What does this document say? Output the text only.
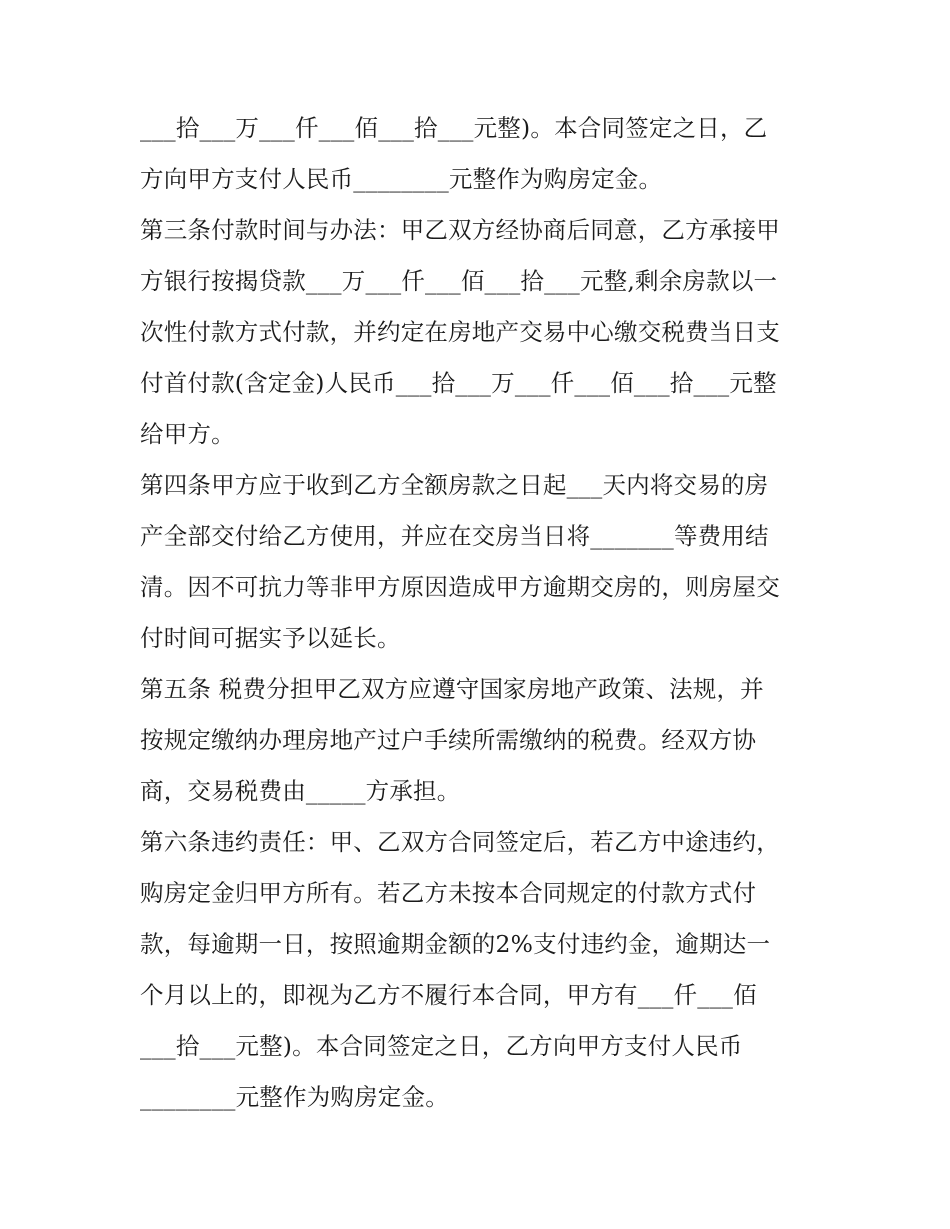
___拾___万___仟___佰___拾___元整)。本合同签定之日，乙
方向甲方支付人民币________元整作为购房定金。
第三条付款时间与办法：甲乙双方经协商后同意，乙方承接甲
方银行按揭贷款___万___仟___佰___拾___元整,剩余房款以一
次性付款方式付款，并约定在房地产交易中心缴交税费当日支
付首付款(含定金)人民币___拾___万___仟___佰___拾___元整
给甲方。
第四条甲方应于收到乙方全额房款之日起___天内将交易的房
产全部交付给乙方使用，并应在交房当日将_______等费用结
清。因不可抗力等非甲方原因造成甲方逾期交房的，则房屋交
付时间可据实予以延长。
第五条 税费分担甲乙双方应遵守国家房地产政策、法规，并
按规定缴纳办理房地产过户手续所需缴纳的税费。经双方协
商，交易税费由_____方承担。
第六条违约责任：甲、乙双方合同签定后，若乙方中途违约，
购房定金归甲方所有。若乙方未按本合同规定的付款方式付
款，每逾期一日，按照逾期金额的2%支付违约金，逾期达一
个月以上的，即视为乙方不履行本合同，甲方有___仟___佰
___拾___元整)。本合同签定之日，乙方向甲方支付人民币
________元整作为购房定金。
